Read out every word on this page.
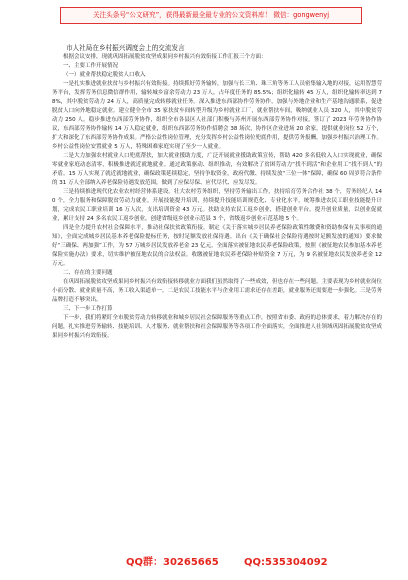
关注头条号“公文研究”，获得最新最全最专业的公文资料库！ 微信：gongwenyj
市人社局在乡村振兴调度会上的交流发言

根据会议安排，现就巩固拓展脱贫攻坚成果同乡村振兴有效衔接工作汇报三个方面：

一、主要工作开展情况

（一）就业帮扶稳定脱贫人口收入

一是扎实推进就业扶贫与乡村振兴有效衔接。持续抓好劳务输转，加强与长三角、珠三角等务工人员密集输入地的对接，运用智慧劳务平台，发挥劳务信息微信群作用，输转城乡富余劳动力 23 万人，占年度任务的 85.5%；组织化输转 45 万人，组织化输转率达到 78%，其中脱贫劳动力 24 万人，高质量完成转移就业任务。深入推进东西部协作劳务协作，加强与外地企业和生产基地沟通联系，促进脱贫人口向外地稳定就业。建立健全全市 35 家扶贫车间转型升级为乡村就业工厂，就业帮扶车间，吸纳就业人员 320 人，其中脱贫劳动力 250 人。稳步推进东西部劳务协作，组织全市各县区人社部门积极与苏州开展东西部劳务协作对接，签订了 2023 年劳务协作协议，东西部劳务协作输转 14 万人稳定就业，组织东西部劳务协作招聘会 38 场次，协作区企业进场 20 余家，提供就业岗位 52 万个，扩大和深化了东西部劳务协作成果。严格公益性岗位管理，充分发挥乡村公益性岗位兜底作用，提供劳务报酬，加强乡村振兴治理工作。乡村公益性岗位安置就业 5 万人，特殊困难家庭实现了至少一人就业。

二是大力加强农村就业人口兜底帮扶，加大就业援助力度，广泛开展就业援助政策宣传，帮助 420 多名低收入人口实现就业，确保零就业家庭动态清零，积极推进就近就地就业。通过政策驱动、组织推动，有效解决了贫困劳动力“找不到活”和企业用工“找不到人”的矛盾。15 万人实现了就近就地就业，确保政策延续稳定，坚持争取资金，政府代缴、持续发放“三位一体”保障，确保 60 周岁符合条件的 31 万人全部纳入养老保险待遇发放范围，做到了应保尽保、应代尽代、应发尽发。

三是持续推进现代化农业农村经营体系建设。壮大农村劳务组织，坚持劳务输出工作，扶持培育劳务合作社 38 个，劳务经纪人 140 个，全力服务和保障脱贫劳动力就业。开展技能提升培训，持续提升技能培训规范化、专业化水平，统筹推进农民工职业技能提升计划，完成农民工职业培训 16 万人次，支出培训资金 43 万元。扶助支持农民工返乡创业，搭建创业平台，提升创业质量，以创业促就业，累计支持 24 多名农民工返乡创业，创建省级返乡创业示范县 3 个，省级返乡创业示范基地 5 个。

四是全力提升农村社会保障水平，推动社保扶贫政策衔接。制定《关于落实城乡居民养老保险政策性缴费和资助参保有关事项的通知》，全面完成城乡居民基本养老保险提标任务，按时足额发放社保待遇。出台《关于确保社会保险待遇按时足额发放的通知》要求做好“三确保、两加强”工作，为 57 万城乡居民发放养老金 23 亿元，全面落实被征地农民养老保险政策，按照《被征地农民参加基本养老保险实施办法》要求，切实维护被征地农民的合法权益。收缴被征地农民养老保险补贴资金 7 万元，为 9 名被征地农民发放养老金 12 万元。

二、存在的主要问题

在巩固拓展脱贫攻坚成果同乡村振兴有效衔接转移就业方面我们虽然取得了一些成效，但也存在一些问题。主要表现为乡村就业岗位小而分散、就业质量不高，务工收入渠道单一。二是农民工技能水平与企业用工需求还存在差距，就业服务还需要进一步强化。三是劳务品牌打造不够突出。

三、下一步工作打算

下一步，我们将紧盯全市脱贫劳动力转移就业和城乡居民社会保障服务等重点工作，按照省市委、政府的总体要求，着力解决存在的问题，扎实推进劳务输转、技能培训、人才服务、就业帮扶和社会保障服务等各项工作全面落实，全面推进人社领域巩固拓展脱贫攻坚成果同乡村振兴有效衔接。

QQ群：30265665	QQ:535304092
